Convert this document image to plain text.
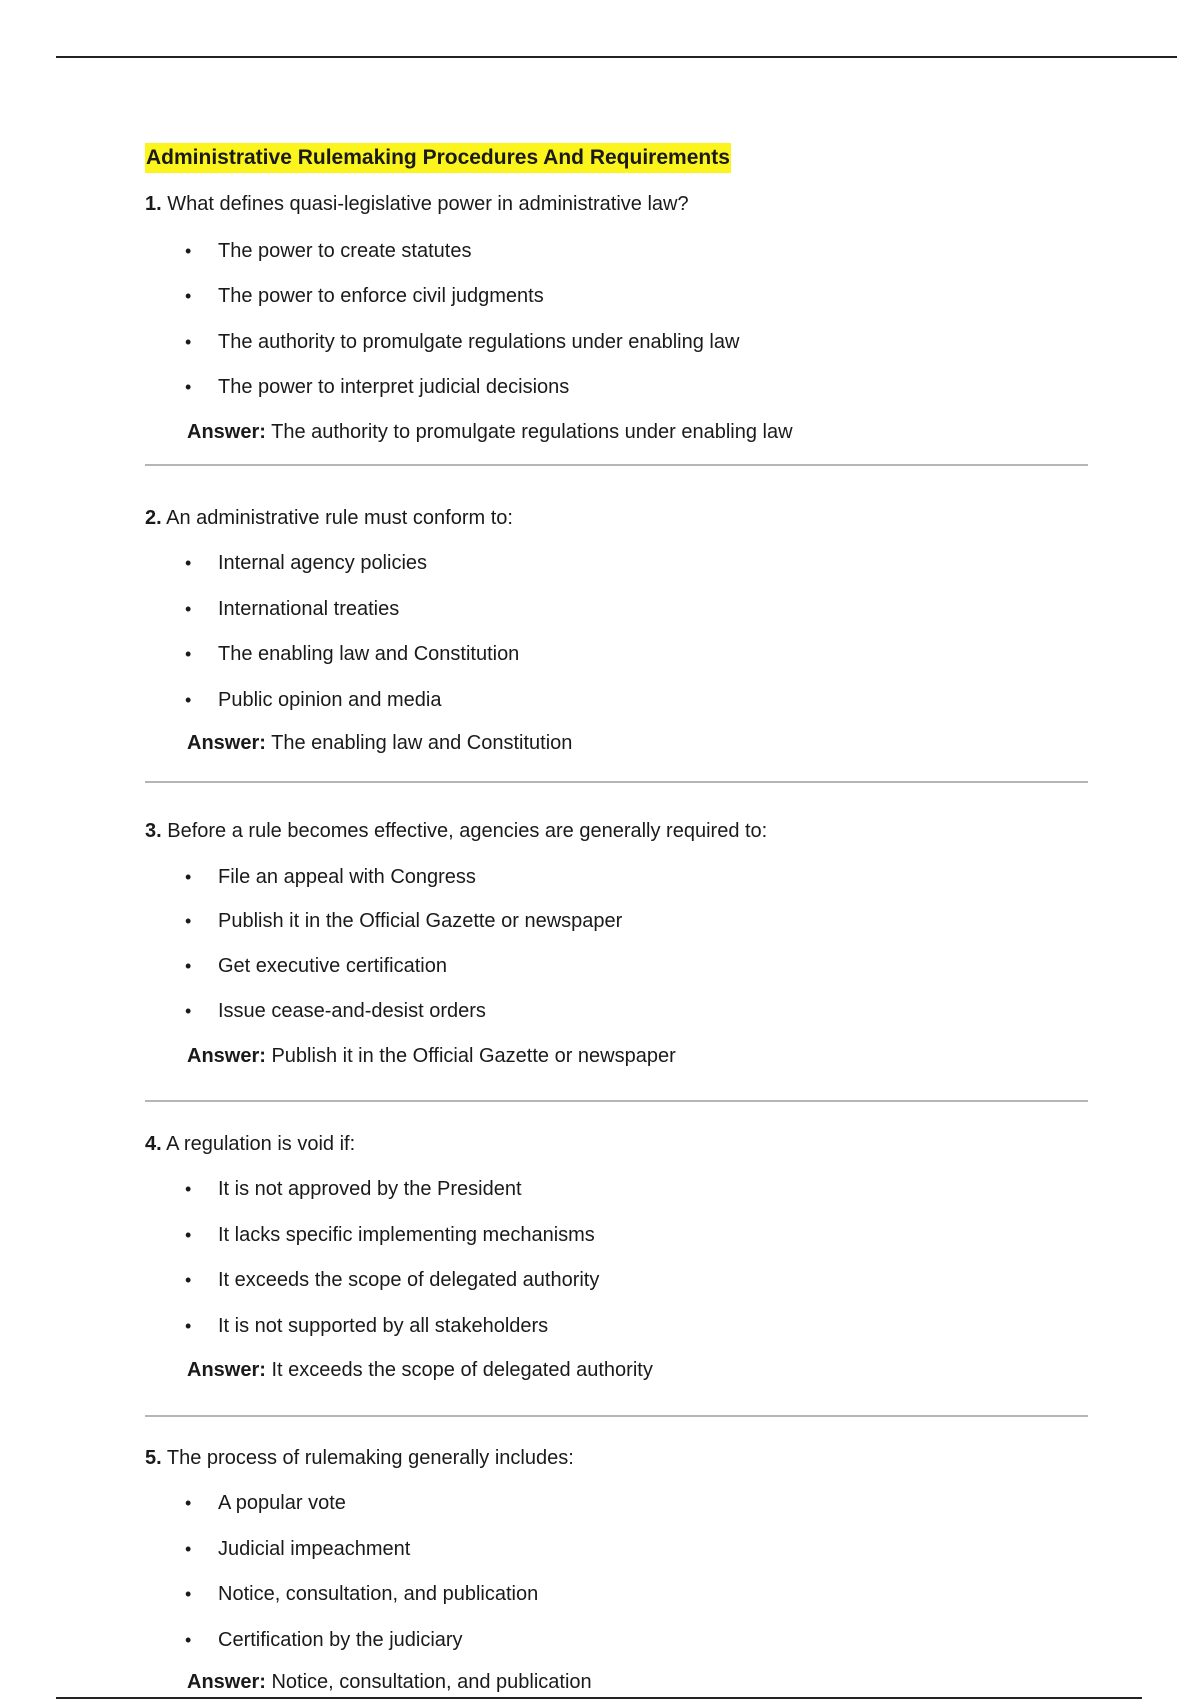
Administrative Rulemaking Procedures And Requirements

1. What defines quasi-legislative power in administrative law?

• The power to create statutes
• The power to enforce civil judgments
• The authority to promulgate regulations under enabling law
• The power to interpret judicial decisions

Answer: The authority to promulgate regulations under enabling law

2. An administrative rule must conform to:

• Internal agency policies
• International treaties
• The enabling law and Constitution
• Public opinion and media

Answer: The enabling law and Constitution

3. Before a rule becomes effective, agencies are generally required to:

• File an appeal with Congress
• Publish it in the Official Gazette or newspaper
• Get executive certification
• Issue cease-and-desist orders

Answer: Publish it in the Official Gazette or newspaper

4. A regulation is void if:

• It is not approved by the President
• It lacks specific implementing mechanisms
• It exceeds the scope of delegated authority
• It is not supported by all stakeholders

Answer: It exceeds the scope of delegated authority

5. The process of rulemaking generally includes:

• A popular vote
• Judicial impeachment
• Notice, consultation, and publication
• Certification by the judiciary

Answer: Notice, consultation, and publication
